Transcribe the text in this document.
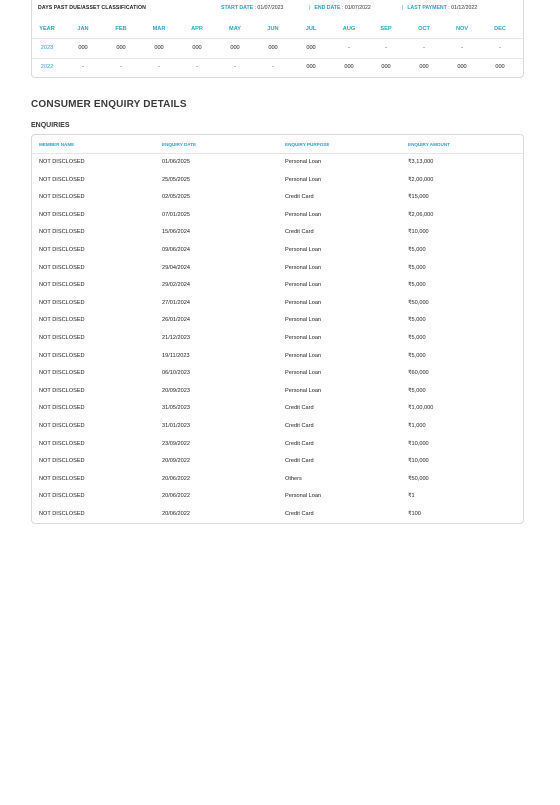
DAYS PAST DUE/ASSET CLASSIFICATION	START DATE : 01/07/2023	| END DATE : 01/07/2022	| LAST PAYMENT : 01/12/2022
YEAR	JAN	FEB	MAR	APR	MAY	JUN	JUL	AUG	SEP	OCT	NOV	DEC
2023	000	000	000	000	000	000	000	-	-	-	-	-
2022	-	-	-	-	-	-	000	000	000	000	000	000
CONSUMER ENQUIRY DETAILS
ENQUIRIES
MEMBER NAME	ENQUIRY DATE	ENQUIRY PURPOSE	ENQUIRY AMOUNT
NOT DISCLOSED	01/06/2025	Personal Loan	₹3,13,000
NOT DISCLOSED	25/05/2025	Personal Loan	₹2,00,000
NOT DISCLOSED	02/05/2025	Credit Card	₹15,000
NOT DISCLOSED	07/01/2025	Personal Loan	₹2,06,000
NOT DISCLOSED	15/06/2024	Credit Card	₹10,000
NOT DISCLOSED	09/06/2024	Personal Loan	₹5,000
NOT DISCLOSED	29/04/2024	Personal Loan	₹5,000
NOT DISCLOSED	29/02/2024	Personal Loan	₹5,000
NOT DISCLOSED	27/01/2024	Personal Loan	₹50,000
NOT DISCLOSED	26/01/2024	Personal Loan	₹5,000
NOT DISCLOSED	21/12/2023	Personal Loan	₹5,000
NOT DISCLOSED	19/11/2023	Personal Loan	₹5,000
NOT DISCLOSED	06/10/2023	Personal Loan	₹60,000
NOT DISCLOSED	20/09/2023	Personal Loan	₹5,000
NOT DISCLOSED	31/05/2023	Credit Card	₹1,00,000
NOT DISCLOSED	31/01/2023	Credit Card	₹1,000
NOT DISCLOSED	23/09/2022	Credit Card	₹10,000
NOT DISCLOSED	20/09/2022	Credit Card	₹10,000
NOT DISCLOSED	20/06/2022	Others	₹50,000
NOT DISCLOSED	20/06/2022	Personal Loan	₹1
NOT DISCLOSED	20/06/2022	Credit Card	₹100
